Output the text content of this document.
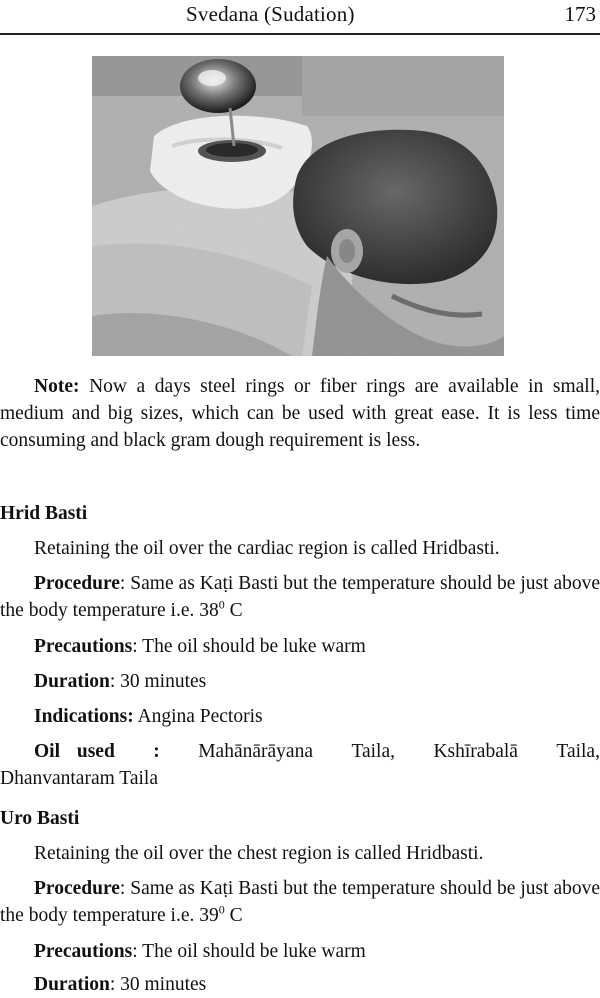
Svedana (Sudation)	173

Note: Now a days steel rings or fiber rings are available in small, medium and big sizes, which can be used with great ease. It is less time consuming and black gram dough requirement is less.

Hrid Basti
Retaining the oil over the cardiac region is called Hridbasti.

Procedure: Same as Kaṭi Basti but the temperature should be just above the body temperature i.e. $38^0$ C

Precautions: The oil should be luke warm
Duration: 30 minutes
Indications: Angina Pectoris
Oil used : Mahānārāyana Taila, Kshīrabalā Taila,
Dhanvantaram Taila
Uro Basti
Retaining the oil over the chest region is called Hridbasti.

Procedure: Same as Kaṭi Basti but the temperature should be just above the body temperature i.e. $39^0$ C

Precautions: The oil should be luke warm
Duration: 30 minutes
